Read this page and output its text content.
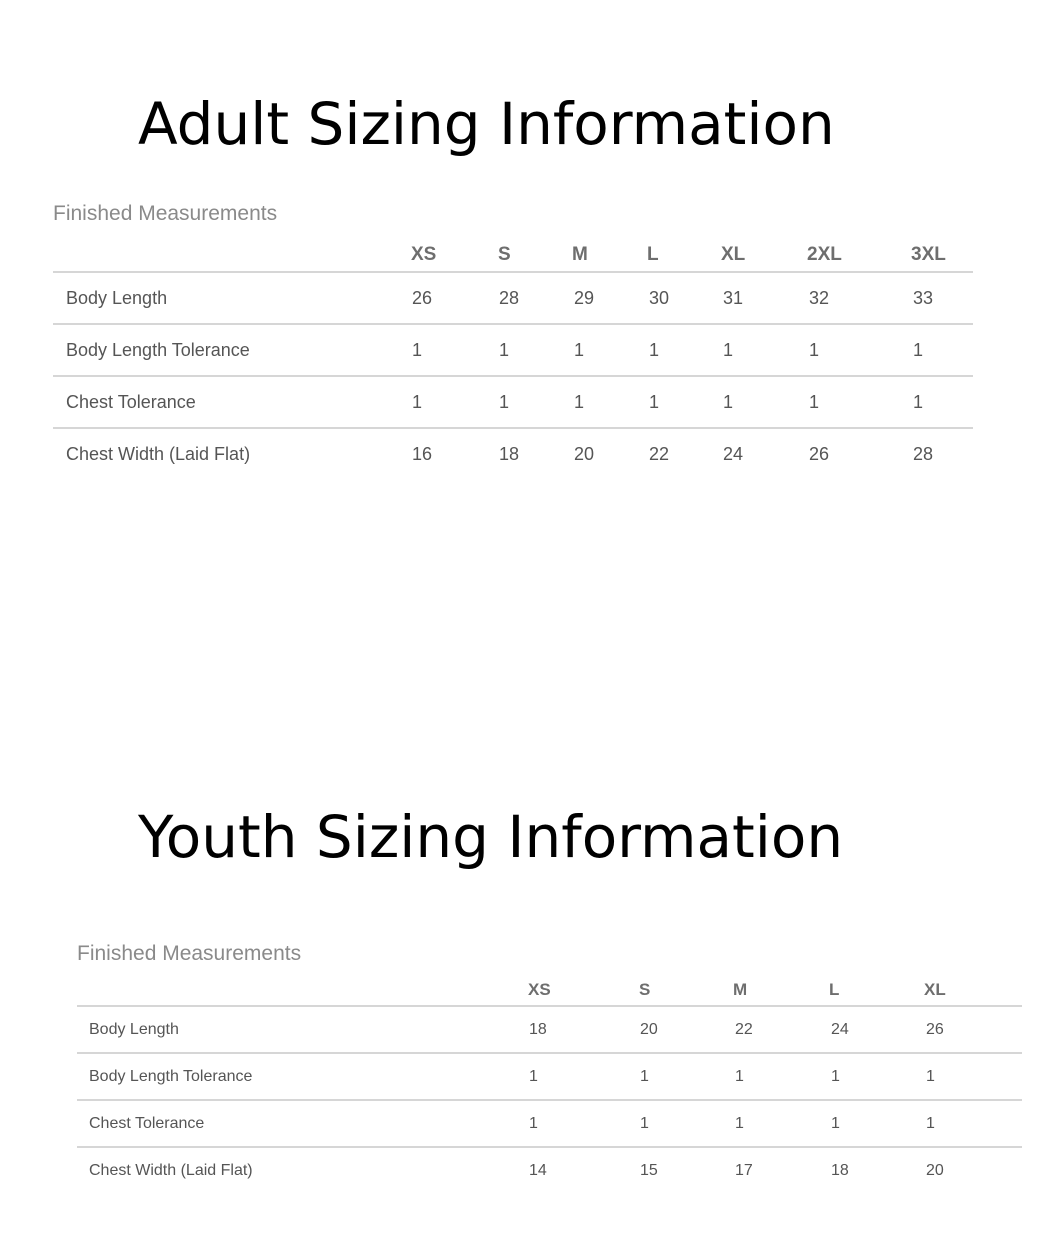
Adult Sizing Information
Finished Measurements
	XS	S	M	L	XL	2XL	3XL
Body Length	26	28	29	30	31	32	33
Body Length Tolerance	1	1	1	1	1	1	1
Chest Tolerance	1	1	1	1	1	1	1
Chest Width (Laid Flat)	16	18	20	22	24	26	28
Youth Sizing Information
Finished Measurements
	XS	S	M	L	XL
Body Length	18	20	22	24	26
Body Length Tolerance	1	1	1	1	1
Chest Tolerance	1	1	1	1	1
Chest Width (Laid Flat)	14	15	17	18	20
